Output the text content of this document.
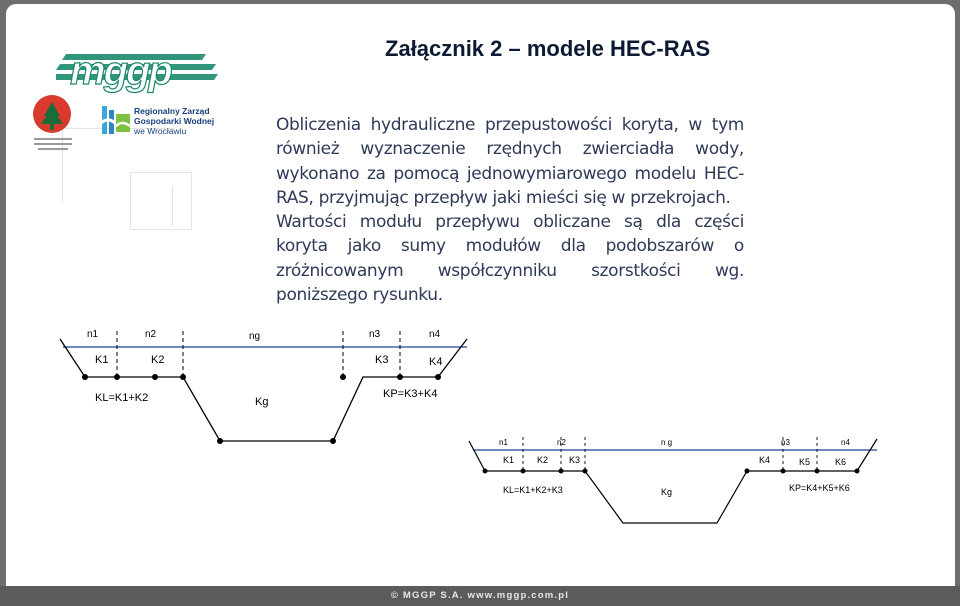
Załącznik 2 – modele HEC-RAS
mggp
Regionalny Zarząd
Gospodarki Wodnej
we Wrocławiu	Obliczenia hydrauliczne przepustowości koryta, w tym
również wyznaczenie rzędnych zwierciadła wody,
wykonano za pomocą jednowymiarowego modelu HEC-
RAS, przyjmując przepływ jaki mieści się w przekrojach.
Wartości modułu przepływu obliczane są dla części
koryta jako sumy modułów dla podobszarów o
zróżnicowanym współczynniku szorstkości wg.
poniższego rysunku.
n1	n2	ng	n3	n4
K1	K2	K3	K4
Kg
KL=K1+K2	KP=K3+K4
n1	n2	n g	n3	n4
K1	K2 K3	K4	K5	K6
Kg
KL=K1+K2+K3	KP=K4+K5+K6
© MGGP S.A. www.mggp.com.pl
